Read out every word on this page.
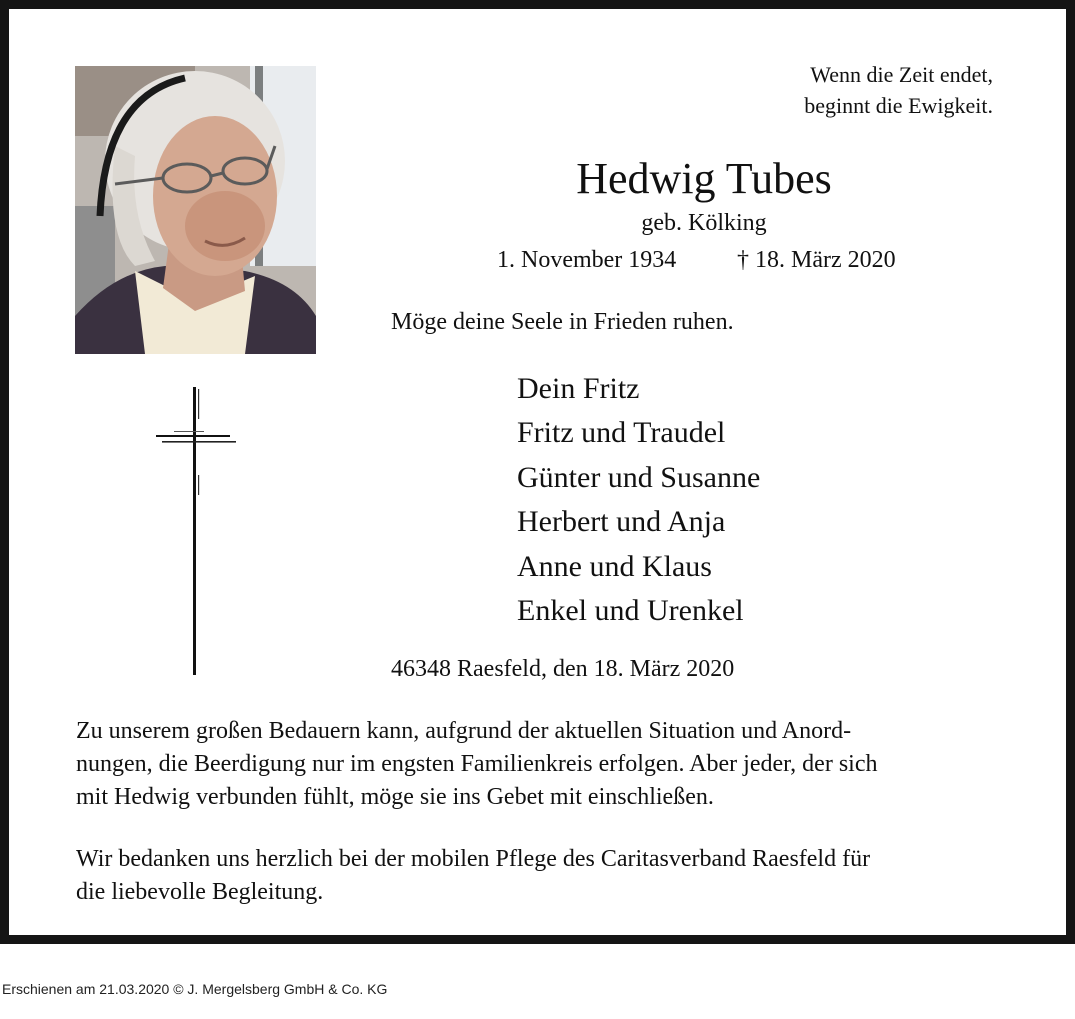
Wenn die Zeit endet,
beginnt die Ewigkeit.
Hedwig Tubes
geb. Kölking
1. November 1934	† 18. März 2020
Möge deine Seele in Frieden ruhen.
Dein Fritz
Fritz und Traudel
Günter und Susanne
Herbert und Anja
Anne und Klaus
Enkel und Urenkel
46348 Raesfeld, den 18. März 2020
Zu unserem großen Bedauern kann, aufgrund der aktuellen Situation und Anord-
nungen, die Beerdigung nur im engsten Familienkreis erfolgen. Aber jeder, der sich
mit Hedwig verbunden fühlt, möge sie ins Gebet mit einschließen.
Wir bedanken uns herzlich bei der mobilen Pflege des Caritasverband Raesfeld für
die liebevolle Begleitung.
Erschienen am 21.03.2020 © J. Mergelsberg GmbH & Co. KG
